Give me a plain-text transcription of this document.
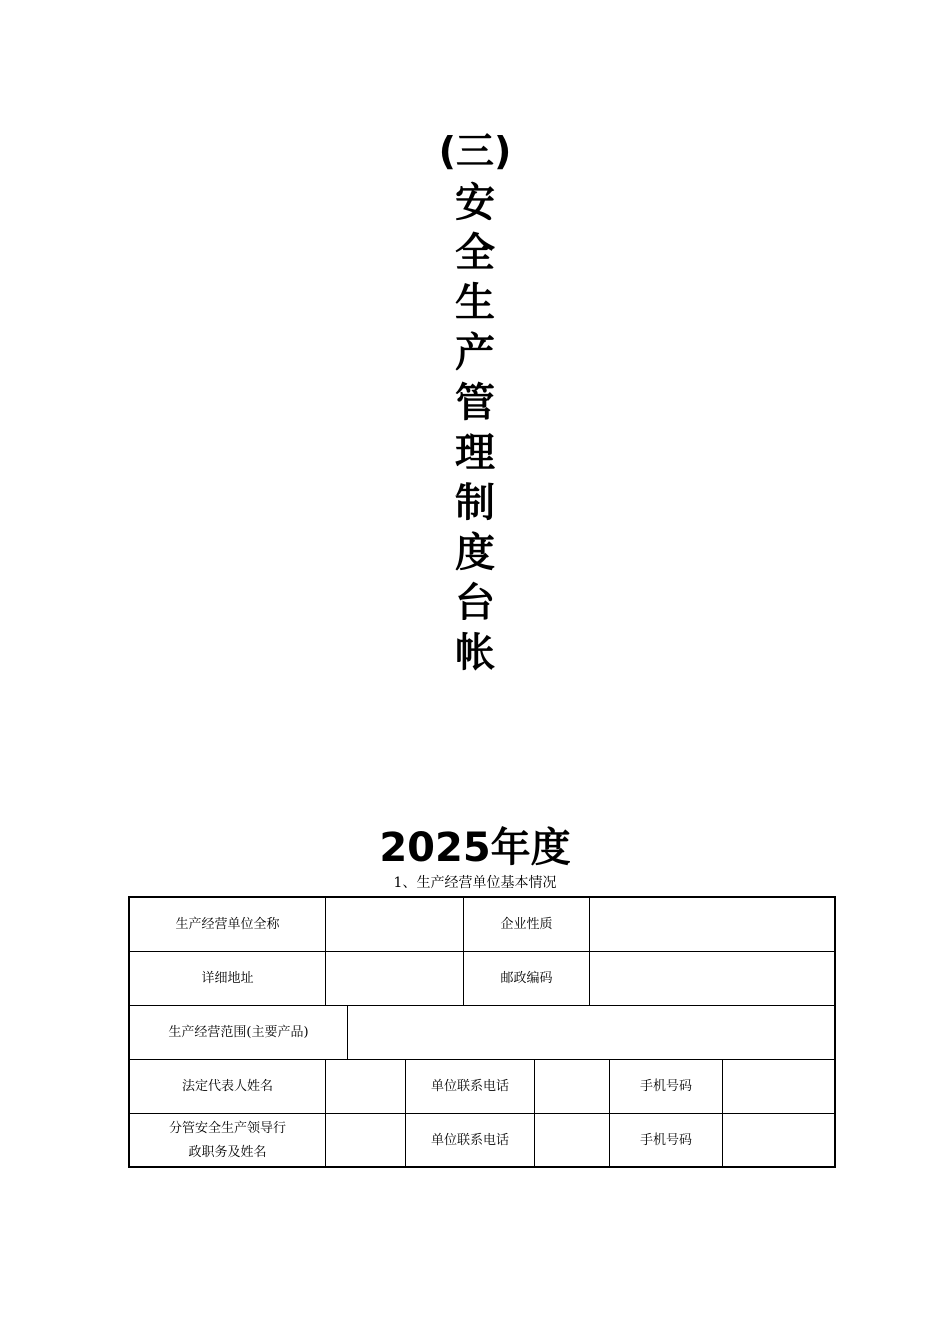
(三)
安
全
生
产
管
理
制
度
台
帐
2025年度
1、生产经营单位基本情况
生产经营单位全称	企业性质
详细地址	邮政编码
生产经营范围(主要产品)
法定代表人姓名	单位联系电话	手机号码
分管安全生产领导行
政职务及姓名
单位联系电话	手机号码
